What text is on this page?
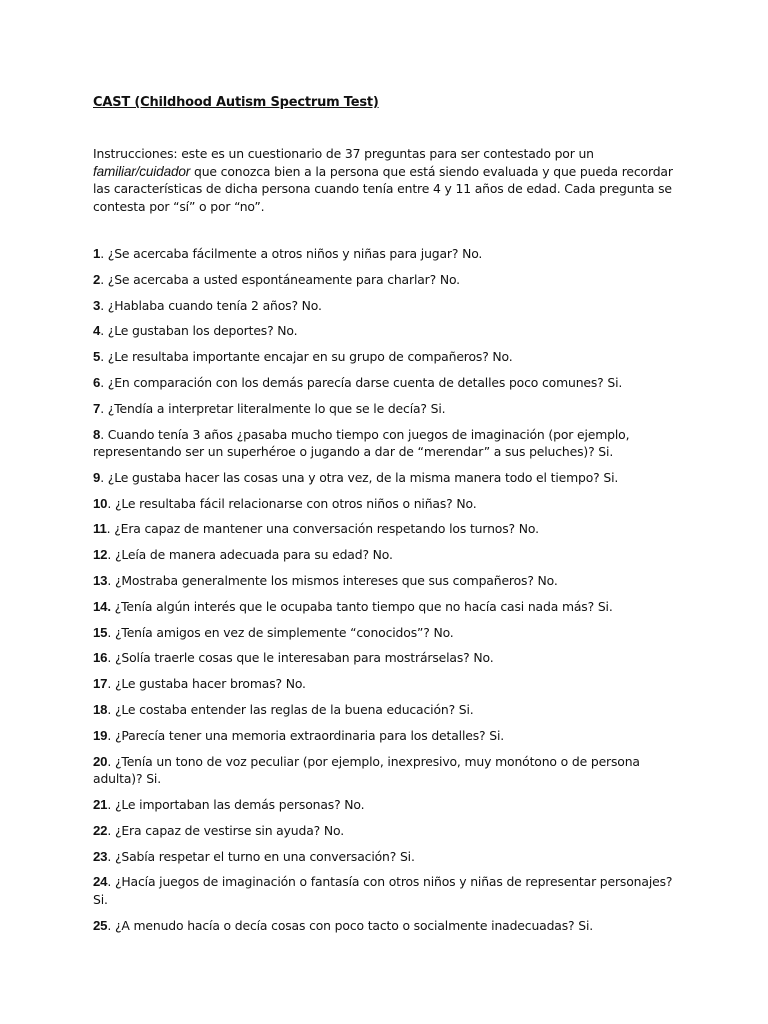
CAST (Childhood Autism Spectrum Test)

Instrucciones: este es un cuestionario de 37 preguntas para ser contestado por un familiar/cuidador que conozca bien a la persona que está siendo evaluada y que pueda recordar las características de dicha persona cuando tenía entre 4 y 11 años de edad. Cada pregunta se contesta por “sí” o por “no”.

1. ¿Se acercaba fácilmente a otros niños y niñas para jugar? No.
2. ¿Se acercaba a usted espontáneamente para charlar? No.
3. ¿Hablaba cuando tenía 2 años? No.
4. ¿Le gustaban los deportes? No.
5. ¿Le resultaba importante encajar en su grupo de compañeros? No.
6. ¿En comparación con los demás parecía darse cuenta de detalles poco comunes? Si.
7. ¿Tendía a interpretar literalmente lo que se le decía? Si.
8. Cuando tenía 3 años ¿pasaba mucho tiempo con juegos de imaginación (por ejemplo, representando ser un superhéroe o jugando a dar de “merendar” a sus peluches)? Si.
9. ¿Le gustaba hacer las cosas una y otra vez, de la misma manera todo el tiempo? Si.
10. ¿Le resultaba fácil relacionarse con otros niños o niñas? No.
11. ¿Era capaz de mantener una conversación respetando los turnos? No.
12. ¿Leía de manera adecuada para su edad? No.
13. ¿Mostraba generalmente los mismos intereses que sus compañeros? No.
14. ¿Tenía algún interés que le ocupaba tanto tiempo que no hacía casi nada más? Si.
15. ¿Tenía amigos en vez de simplemente “conocidos”? No.
16. ¿Solía traerle cosas que le interesaban para mostrárselas? No.
17. ¿Le gustaba hacer bromas? No.
18. ¿Le costaba entender las reglas de la buena educación? Si.
19. ¿Parecía tener una memoria extraordinaria para los detalles? Si.
20. ¿Tenía un tono de voz peculiar (por ejemplo, inexpresivo, muy monótono o de persona adulta)? Si.
21. ¿Le importaban las demás personas? No.
22. ¿Era capaz de vestirse sin ayuda? No.
23. ¿Sabía respetar el turno en una conversación? Si.
24. ¿Hacía juegos de imaginación o fantasía con otros niños y niñas de representar personajes? Si.
25. ¿A menudo hacía o decía cosas con poco tacto o socialmente inadecuadas? Si.
